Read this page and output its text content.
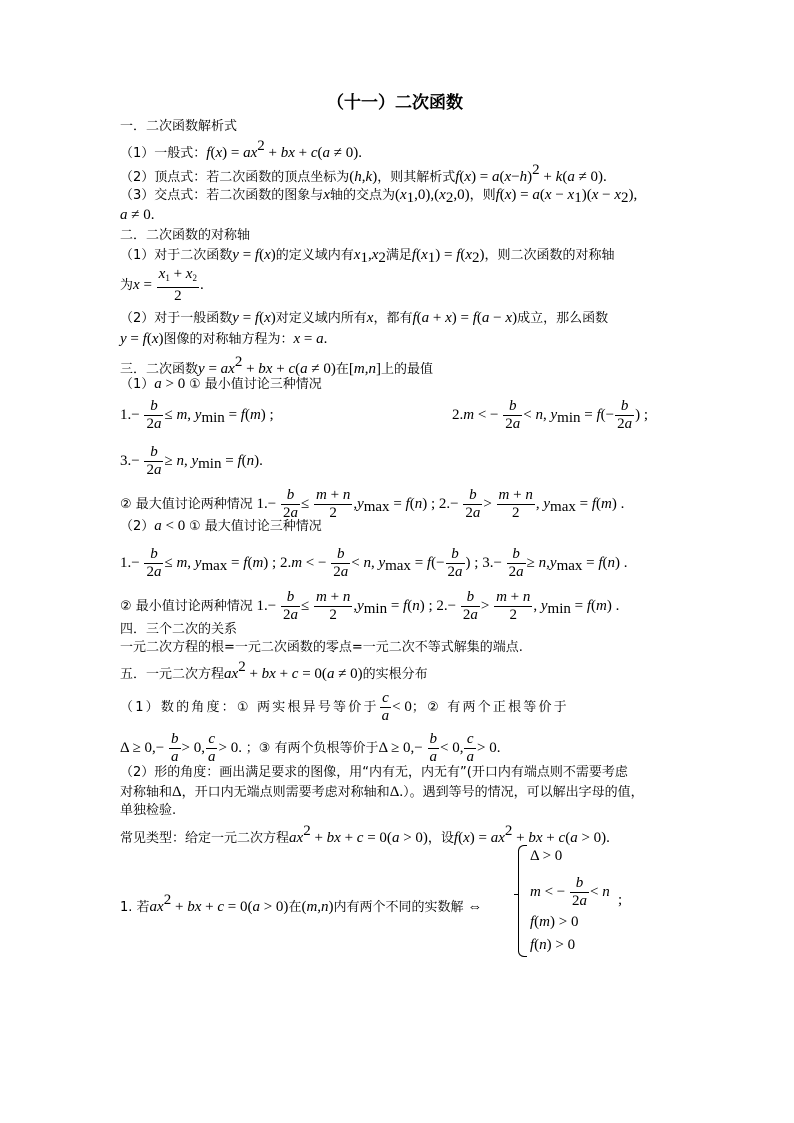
（十一）二次函数
一．二次函数解析式
（1）一般式：$f(x) = ax^2$ + bx + c(a ≠ 0).
（2）顶点式：若二次函数的顶点坐标为(h,k)，则其解析式$f(x) = a(x-h)^2 + k(a \ne 0)$.
（3）交点式：若二次函数的图象与x轴的交点为$(x_1,0),(x_2,0)$，则$f(x) = a(x - x_1)(x - x_2)$,
a ≠ 0.
二．二次函数的对称轴
（1）对于二次函数y = f(x)的定义域内有$x_1,x_2$满足$f(x_1) = f(x_2)$，则二次函数的对称轴
为$x = \frac{x_1 + x_2}{2}$ .
（2）对于一般函数y = f(x)对定义域内所有x，都有f(a + x) = f(a − x)成立，那么函数
y = f(x)图像的对称轴方程为：x = a.
三．二次函数$y = ax^2$ + bx + c(a ≠ 0)在[m,n]上的最值
（1）a > 0 ① 最小值讨论三种情况
$1.- \frac{b}{2a} \le m$, $y_{min} = f(m)$ ;	2.m < − $\frac{b}{2a} < n$, $y_{min} = f(- \frac{b}{2a}$ ) ;
$3.- \frac{b}{2a} \ge n$, $y_{min} = f(n)$.
② 最大值讨论两种情况 $1.- \frac{b}{2a} \le \frac{m + n}{2} ,y_{max} = f(n)$ ; $2.- \frac{b}{2a} > \frac{m + n}{2}$ , $y_{max} = f(m)$ .
（2）a < 0 ① 最大值讨论三种情况
$1.- \frac{b}{2a} \le m$, $y_{max} = f(m)$ ; 2.m < − $\frac{b}{2a} < n$, $y_{max} = f(- \frac{b}{2a}$ ) ; $3.- \frac{b}{2a} \ge n,y_{max} = f(n)$ .
② 最小值讨论两种情况 $1.- \frac{b}{2a} \le \frac{m + n}{2} ,y_{min} = f(n)$ ; $2.- \frac{b}{2a} > \frac{m + n}{2}$ , $y_{min} = f(m)$ .
四．三个二次的关系
一元二次方程的根=一元二次函数的零点=一元二次不等式解集的端点.
五．一元二次方程$ax^2$ + bx + c = 0(a ≠ 0)的实根分布
（1）数的角度：① 两实根异号等价于 $\frac{c}{a} < 0$；② 有两个正根等价于
$\Delta \ge 0,- \frac{b}{a} > 0$, $\frac{c}{a} > 0$. ；③ 有两个负根等价于$\Delta \ge 0,- \frac{b}{a} < 0$, $\frac{c}{a} > 0$.
（2）形的角度：画出满足要求的图像，用“内有无，内无有”(开口内有端点则不需要考虑
对称轴和Δ，开口内无端点则需要考虑对称轴和Δ.）。遇到等号的情况，可以解出字母的值，
单独检验.
常见类型：给定一元二次方程$ax^2$ + bx + c = 0(a > 0)，设$f(x) = ax^2$ + bx + c(a > 0).
1. 若$ax^2$ + bx + c = 0(a > 0)在(m,n)内有两个不同的实数解 ⇔
Δ > 0
m < − $\frac{b}{2a} < n$ ;
f(m) > 0
f(n) > 0
